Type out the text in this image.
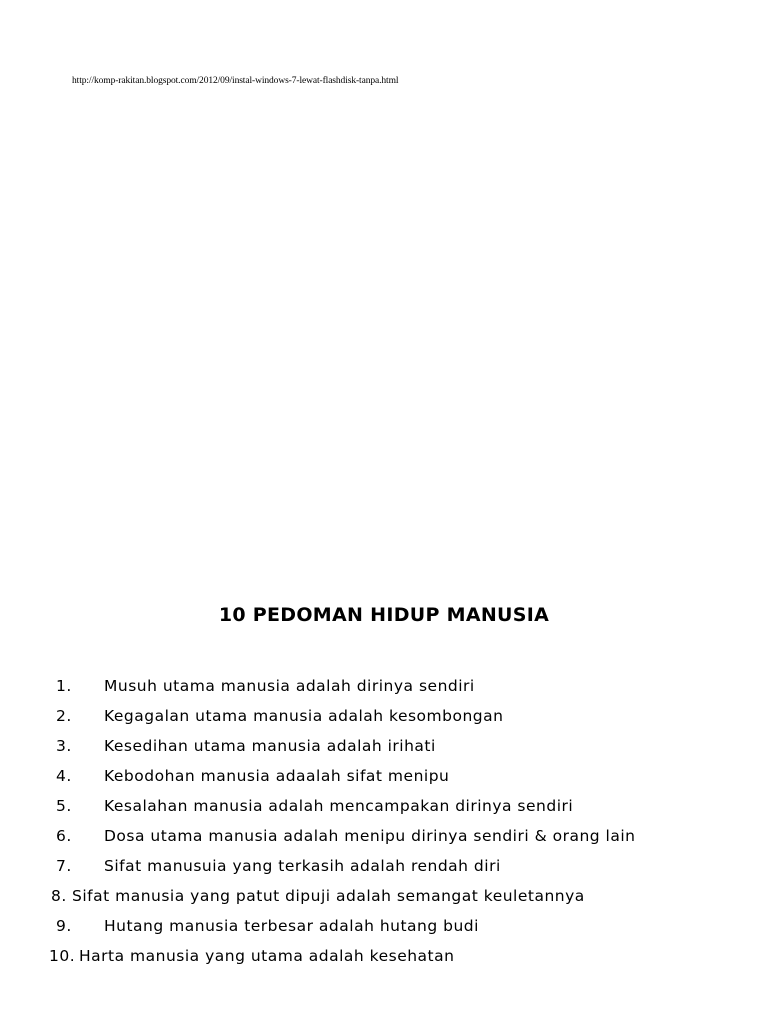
http://komp-rakitan.blogspot.com/2012/09/instal-windows-7-lewat-flashdisk-tanpa.html
10 PEDOMAN HIDUP MANUSIA
1. Musuh utama manusia adalah dirinya sendiri
2. Kegagalan utama manusia adalah kesombongan
3. Kesedihan utama manusia adalah irihati
4. Kebodohan manusia adaalah sifat menipu
5. Kesalahan manusia adalah mencampakan dirinya sendiri
6. Dosa utama manusia adalah menipu dirinya sendiri & orang lain
7. Sifat manusuia yang terkasih adalah rendah diri
8. Sifat manusia yang patut dipuji adalah semangat keuletannya
9. Hutang manusia terbesar adalah hutang budi
10. Harta manusia yang utama adalah kesehatan
